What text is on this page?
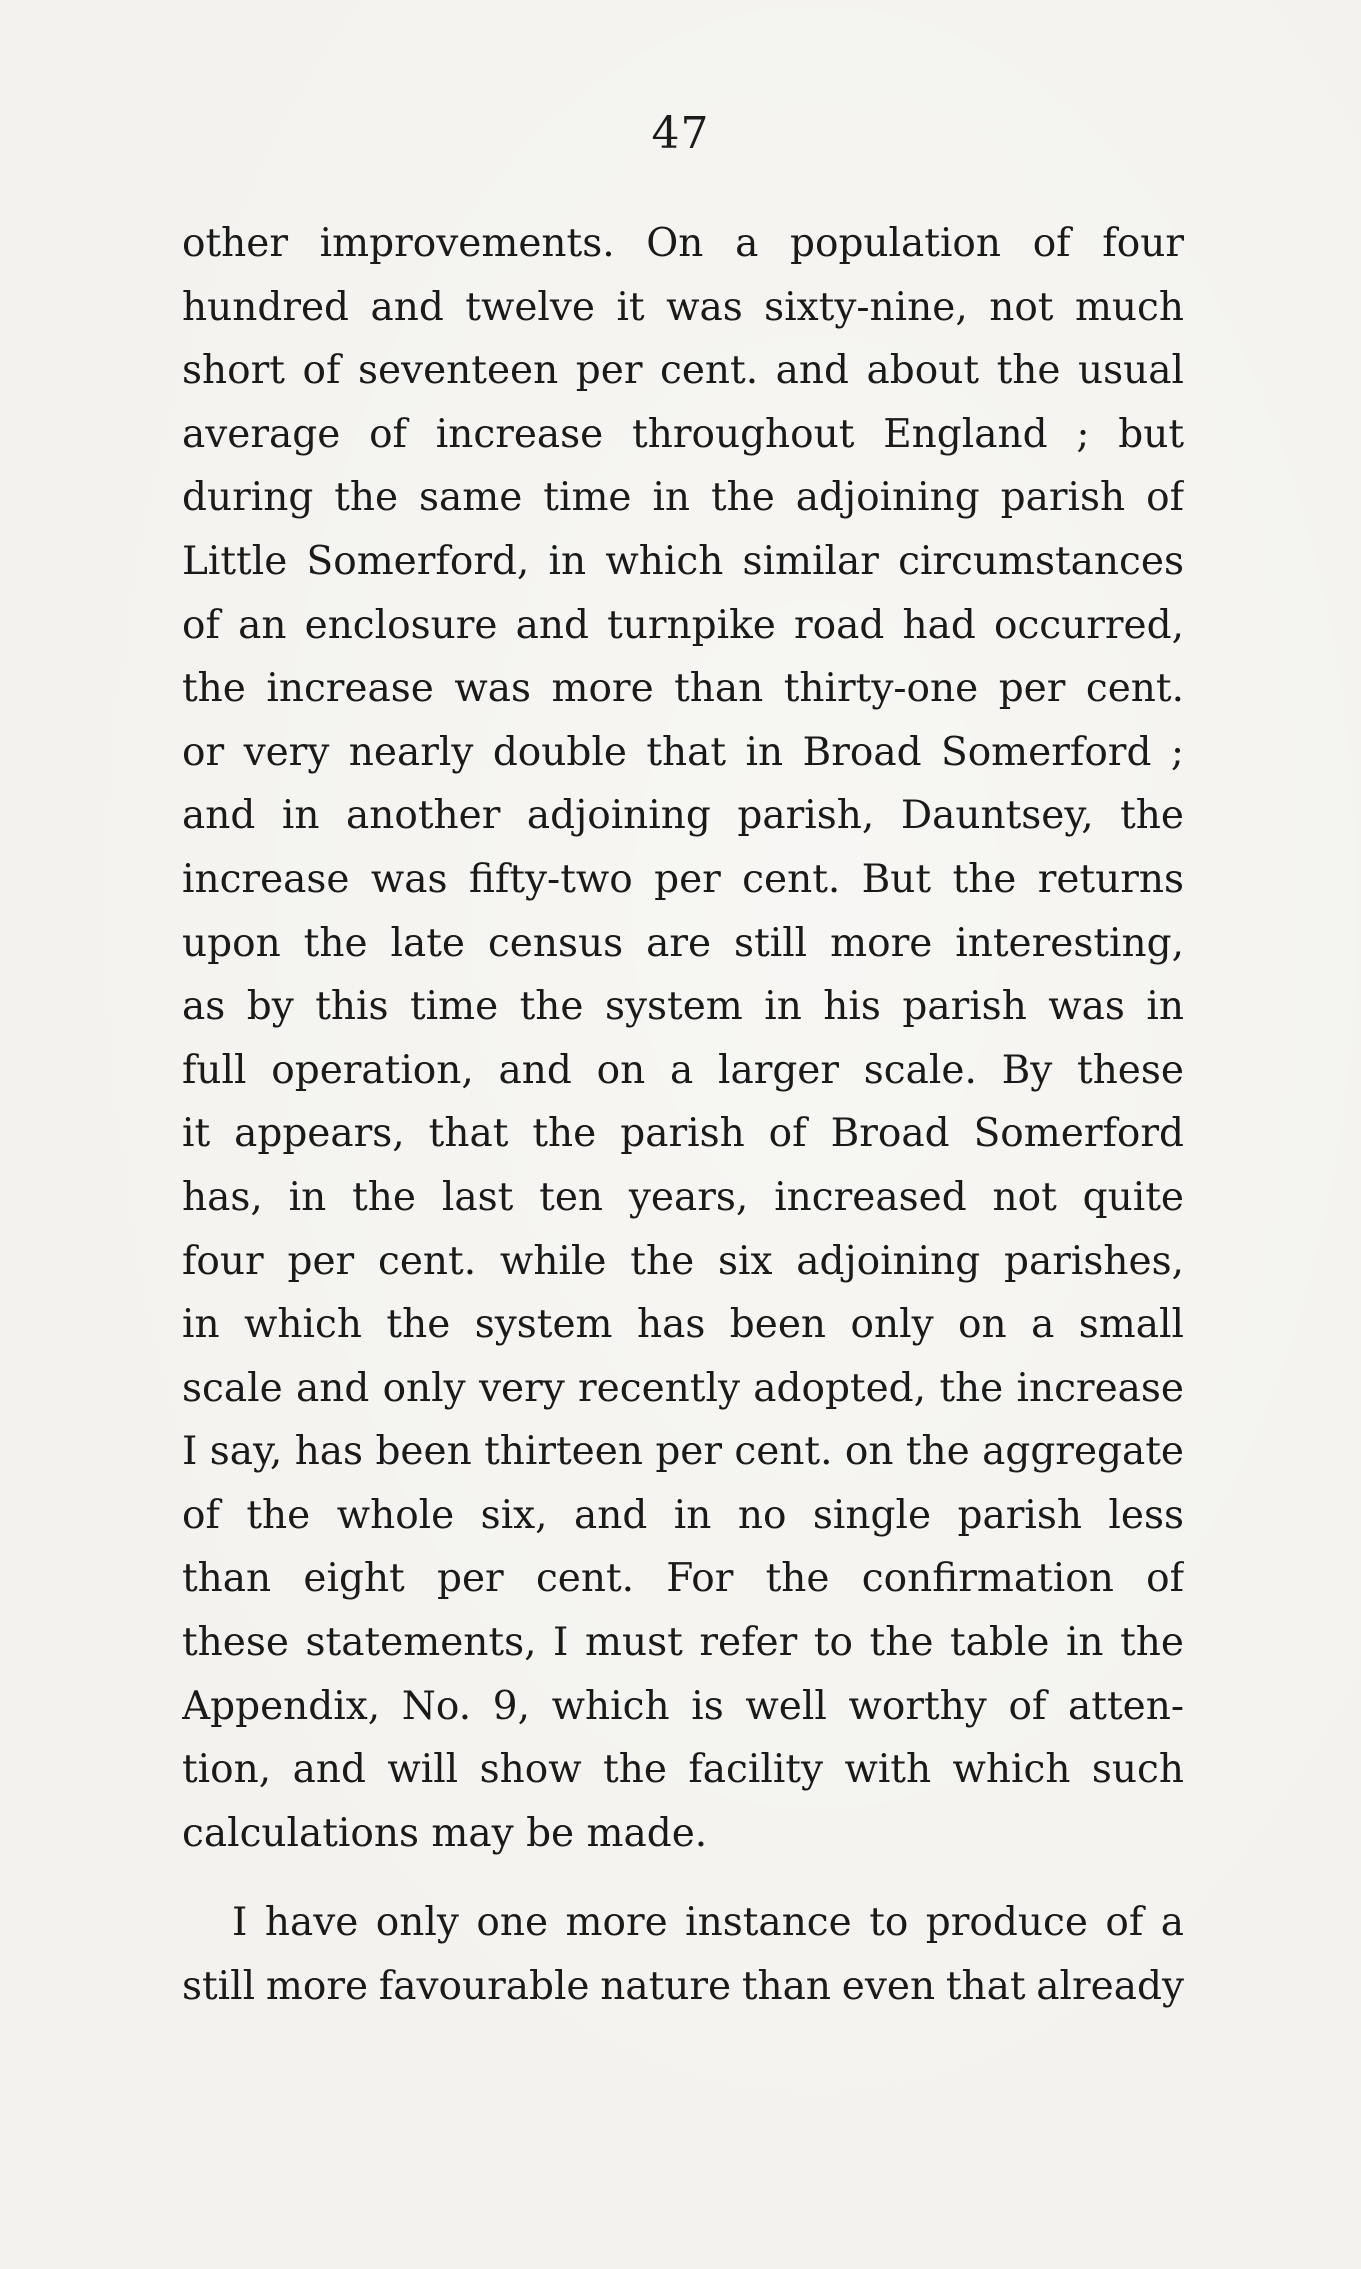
47
other improvements. On a population of four
hundred and twelve it was sixty-nine, not much
short of seventeen per cent. and about the usual
average of increase throughout England ; but
during the same time in the adjoining parish of
Little Somerford, in which similar circumstances
of an enclosure and turnpike road had occurred,
the increase was more than thirty-one per cent.
or very nearly double that in Broad Somerford ;
and in another adjoining parish, Dauntsey, the
increase was fifty-two per cent. But the returns
upon the late census are still more interesting,
as by this time the system in his parish was in
full operation, and on a larger scale. By these
it appears, that the parish of Broad Somerford
has, in the last ten years, increased not quite
four per cent. while the six adjoining parishes,
in which the system has been only on a small
scale and only very recently adopted, the increase
I say, has been thirteen per cent. on the aggregate
of the whole six, and in no single parish less
than eight per cent. For the confirmation of
these statements, I must refer to the table in the
Appendix, No. 9, which is well worthy of atten-
tion, and will show the facility with which such
calculations may be made.
I have only one more instance to produce of a
still more favourable nature than even that already
